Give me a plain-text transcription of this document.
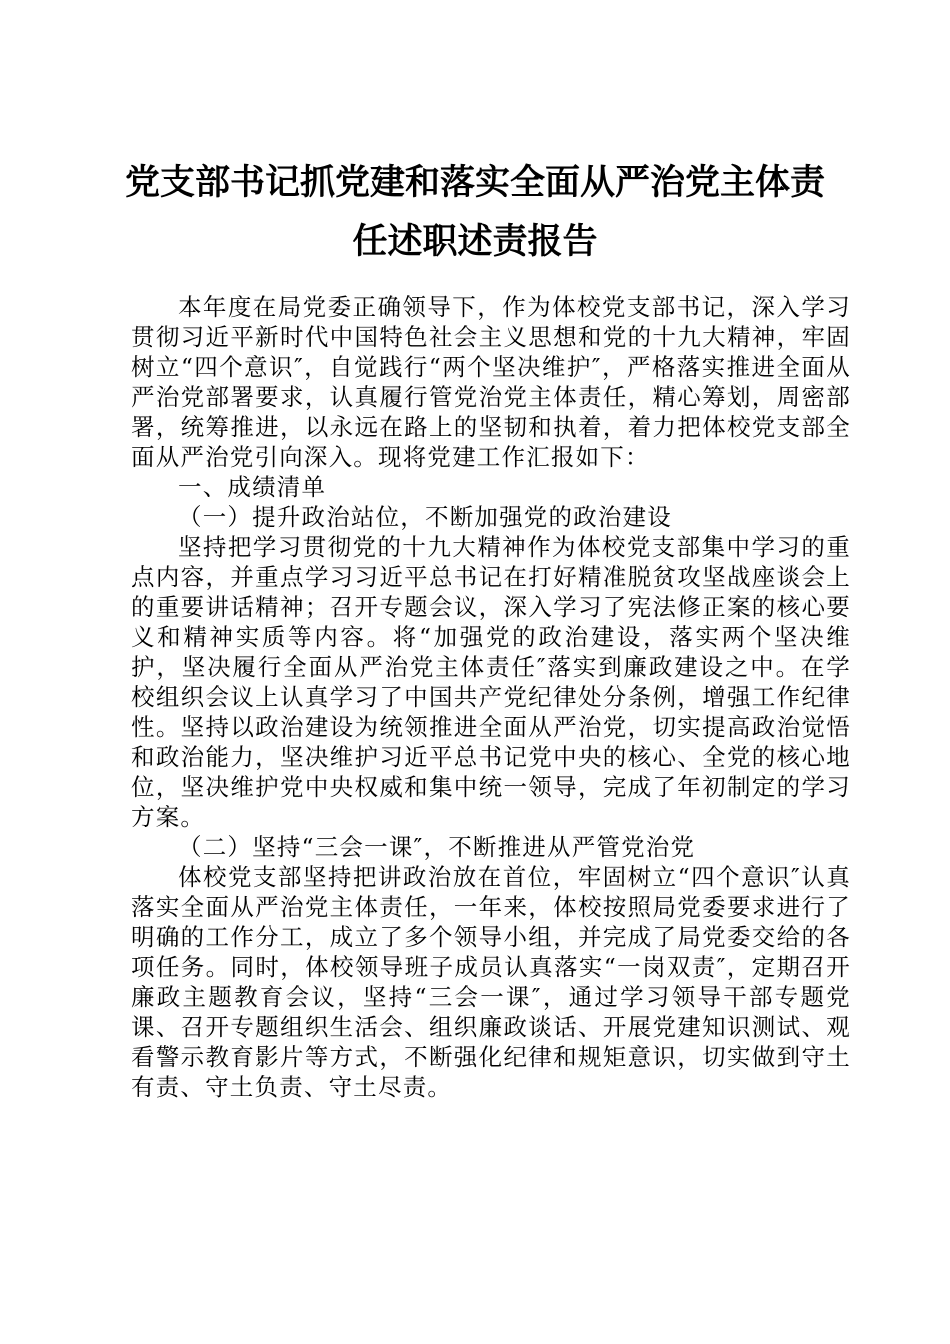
党支部书记抓党建和落实全面从严治党主体责
任述职述责报告

本年度在局党委正确领导下，作为体校党支部书记，深入学习贯彻习近平新时代中国特色社会主义思想和党的十九大精神，牢固树立“四个意识″，自觉践行“两个坚决维护″，严格落实推进全面从严治党部署要求，认真履行管党治党主体责任，精心筹划，周密部署，统筹推进，以永远在路上的坚韧和执着，着力把体校党支部全面从严治党引向深入。现将党建工作汇报如下：

一、成绩清单

（一）提升政治站位，不断加强党的政治建设

坚持把学习贯彻党的十九大精神作为体校党支部集中学习的重点内容，并重点学习习近平总书记在打好精准脱贫攻坚战座谈会上的重要讲话精神；召开专题会议，深入学习了宪法修正案的核心要义和精神实质等内容。将“加强党的政治建设，落实两个坚决维护，坚决履行全面从严治党主体责任″落实到廉政建设之中。在学校组织会议上认真学习了中国共产党纪律处分条例，增强工作纪律性。坚持以政治建设为统领推进全面从严治党，切实提高政治觉悟和政治能力，坚决维护习近平总书记党中央的核心、全党的核心地位，坚决维护党中央权威和集中统一领导，完成了年初制定的学习方案。

（二）坚持“三会一课″，不断推进从严管党治党

体校党支部坚持把讲政治放在首位，牢固树立“四个意识″认真落实全面从严治党主体责任，一年来，体校按照局党委要求进行了明确的工作分工，成立了多个领导小组，并完成了局党委交给的各项任务。同时，体校领导班子成员认真落实“一岗双责″，定期召开廉政主题教育会议，坚持“三会一课″，通过学习领导干部专题党课、召开专题组织生活会、组织廉政谈话、开展党建知识测试、观看警示教育影片等方式，不断强化纪律和规矩意识，切实做到守土有责、守土负责、守土尽责。
